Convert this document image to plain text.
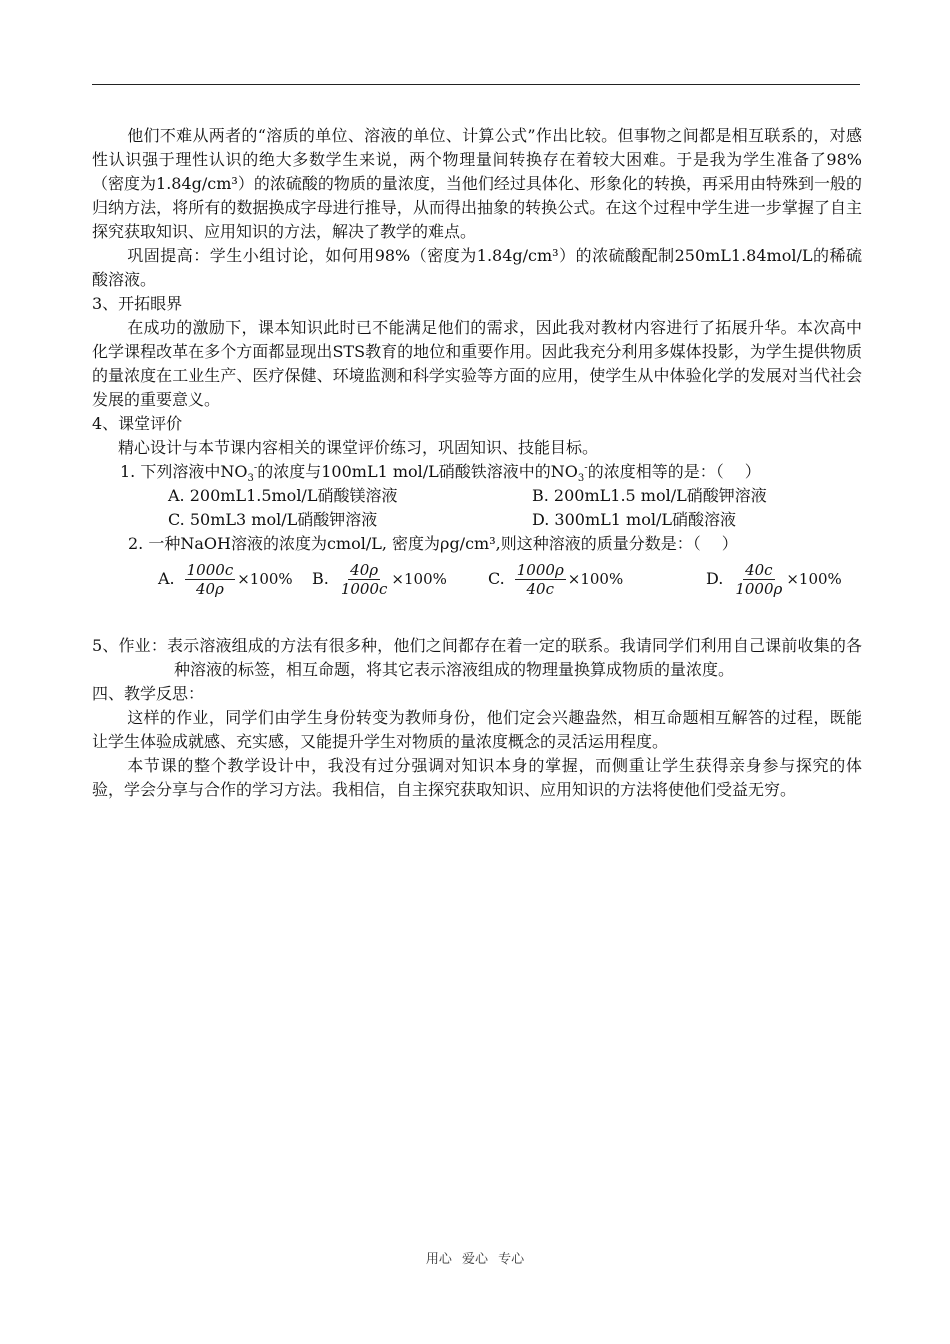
他们不难从两者的“溶质的单位、溶液的单位、计算公式”作出比较。但事物之间都是相互联系的，对感性认识强于理性认识的绝大多数学生来说，两个物理量间转换存在着较大困难。于是我为学生准备了98%（密度为1.84g/cm³）的浓硫酸的物质的量浓度，当他们经过具体化、形象化的转换，再采用由特殊到一般的归纳方法，将所有的数据换成字母进行推导，从而得出抽象的转换公式。在这个过程中学生进一步掌握了自主探究获取知识、应用知识的方法，解决了教学的难点。

巩固提高：学生小组讨论，如何用98%（密度为1.84g/cm³）的浓硫酸配制250mL1.84mol/L的稀硫酸溶液。

3、开拓眼界

在成功的激励下，课本知识此时已不能满足他们的需求，因此我对教材内容进行了拓展升华。本次高中化学课程改革在多个方面都显现出STS教育的地位和重要作用。因此我充分利用多媒体投影，为学生提供物质的量浓度在工业生产、医疗保健、环境监测和科学实验等方面的应用，使学生从中体验化学的发展对当代社会发展的重要意义。

4、课堂评价

精心设计与本节课内容相关的课堂评价练习，巩固知识、技能目标。

1. 下列溶液中$NO_3^-$的浓度与100mL1 mol/L硝酸铁溶液中的$NO_3^-$的浓度相等的是：（　 ）

A. 200mL1.5mol/L硝酸镁溶液	B. 200mL1.5 mol/L硝酸钾溶液
C. 50mL3 mol/L硝酸钾溶液	D. 300mL1 mol/L硝酸溶液

2. 一种NaOH溶液的浓度为cmol/L, 密度为ρg/cm³,则这种溶液的质量分数是：（　 ）

A. $\frac{1000c}{40\rho} \times 100\%$ B. $\frac{40\rho}{1000c} \times 100\%$	C. $\frac{1000\rho}{40c} \times 100\%$	D. $\frac{40c}{1000\rho} \times 100\%$

5、作业：表示溶液组成的方法有很多种，他们之间都存在着一定的联系。我请同学们利用自己课前收集的各种溶液的标签，相互命题，将其它表示溶液组成的物理量换算成物质的量浓度。

四、教学反思：

这样的作业，同学们由学生身份转变为教师身份，他们定会兴趣盎然，相互命题相互解答的过程，既能让学生体验成就感、充实感，又能提升学生对物质的量浓度概念的灵活运用程度。

本节课的整个教学设计中，我没有过分强调对知识本身的掌握，而侧重让学生获得亲身参与探究的体验，学会分享与合作的学习方法。我相信，自主探究获取知识、应用知识的方法将使他们受益无穷。

用心 爱心 专心
